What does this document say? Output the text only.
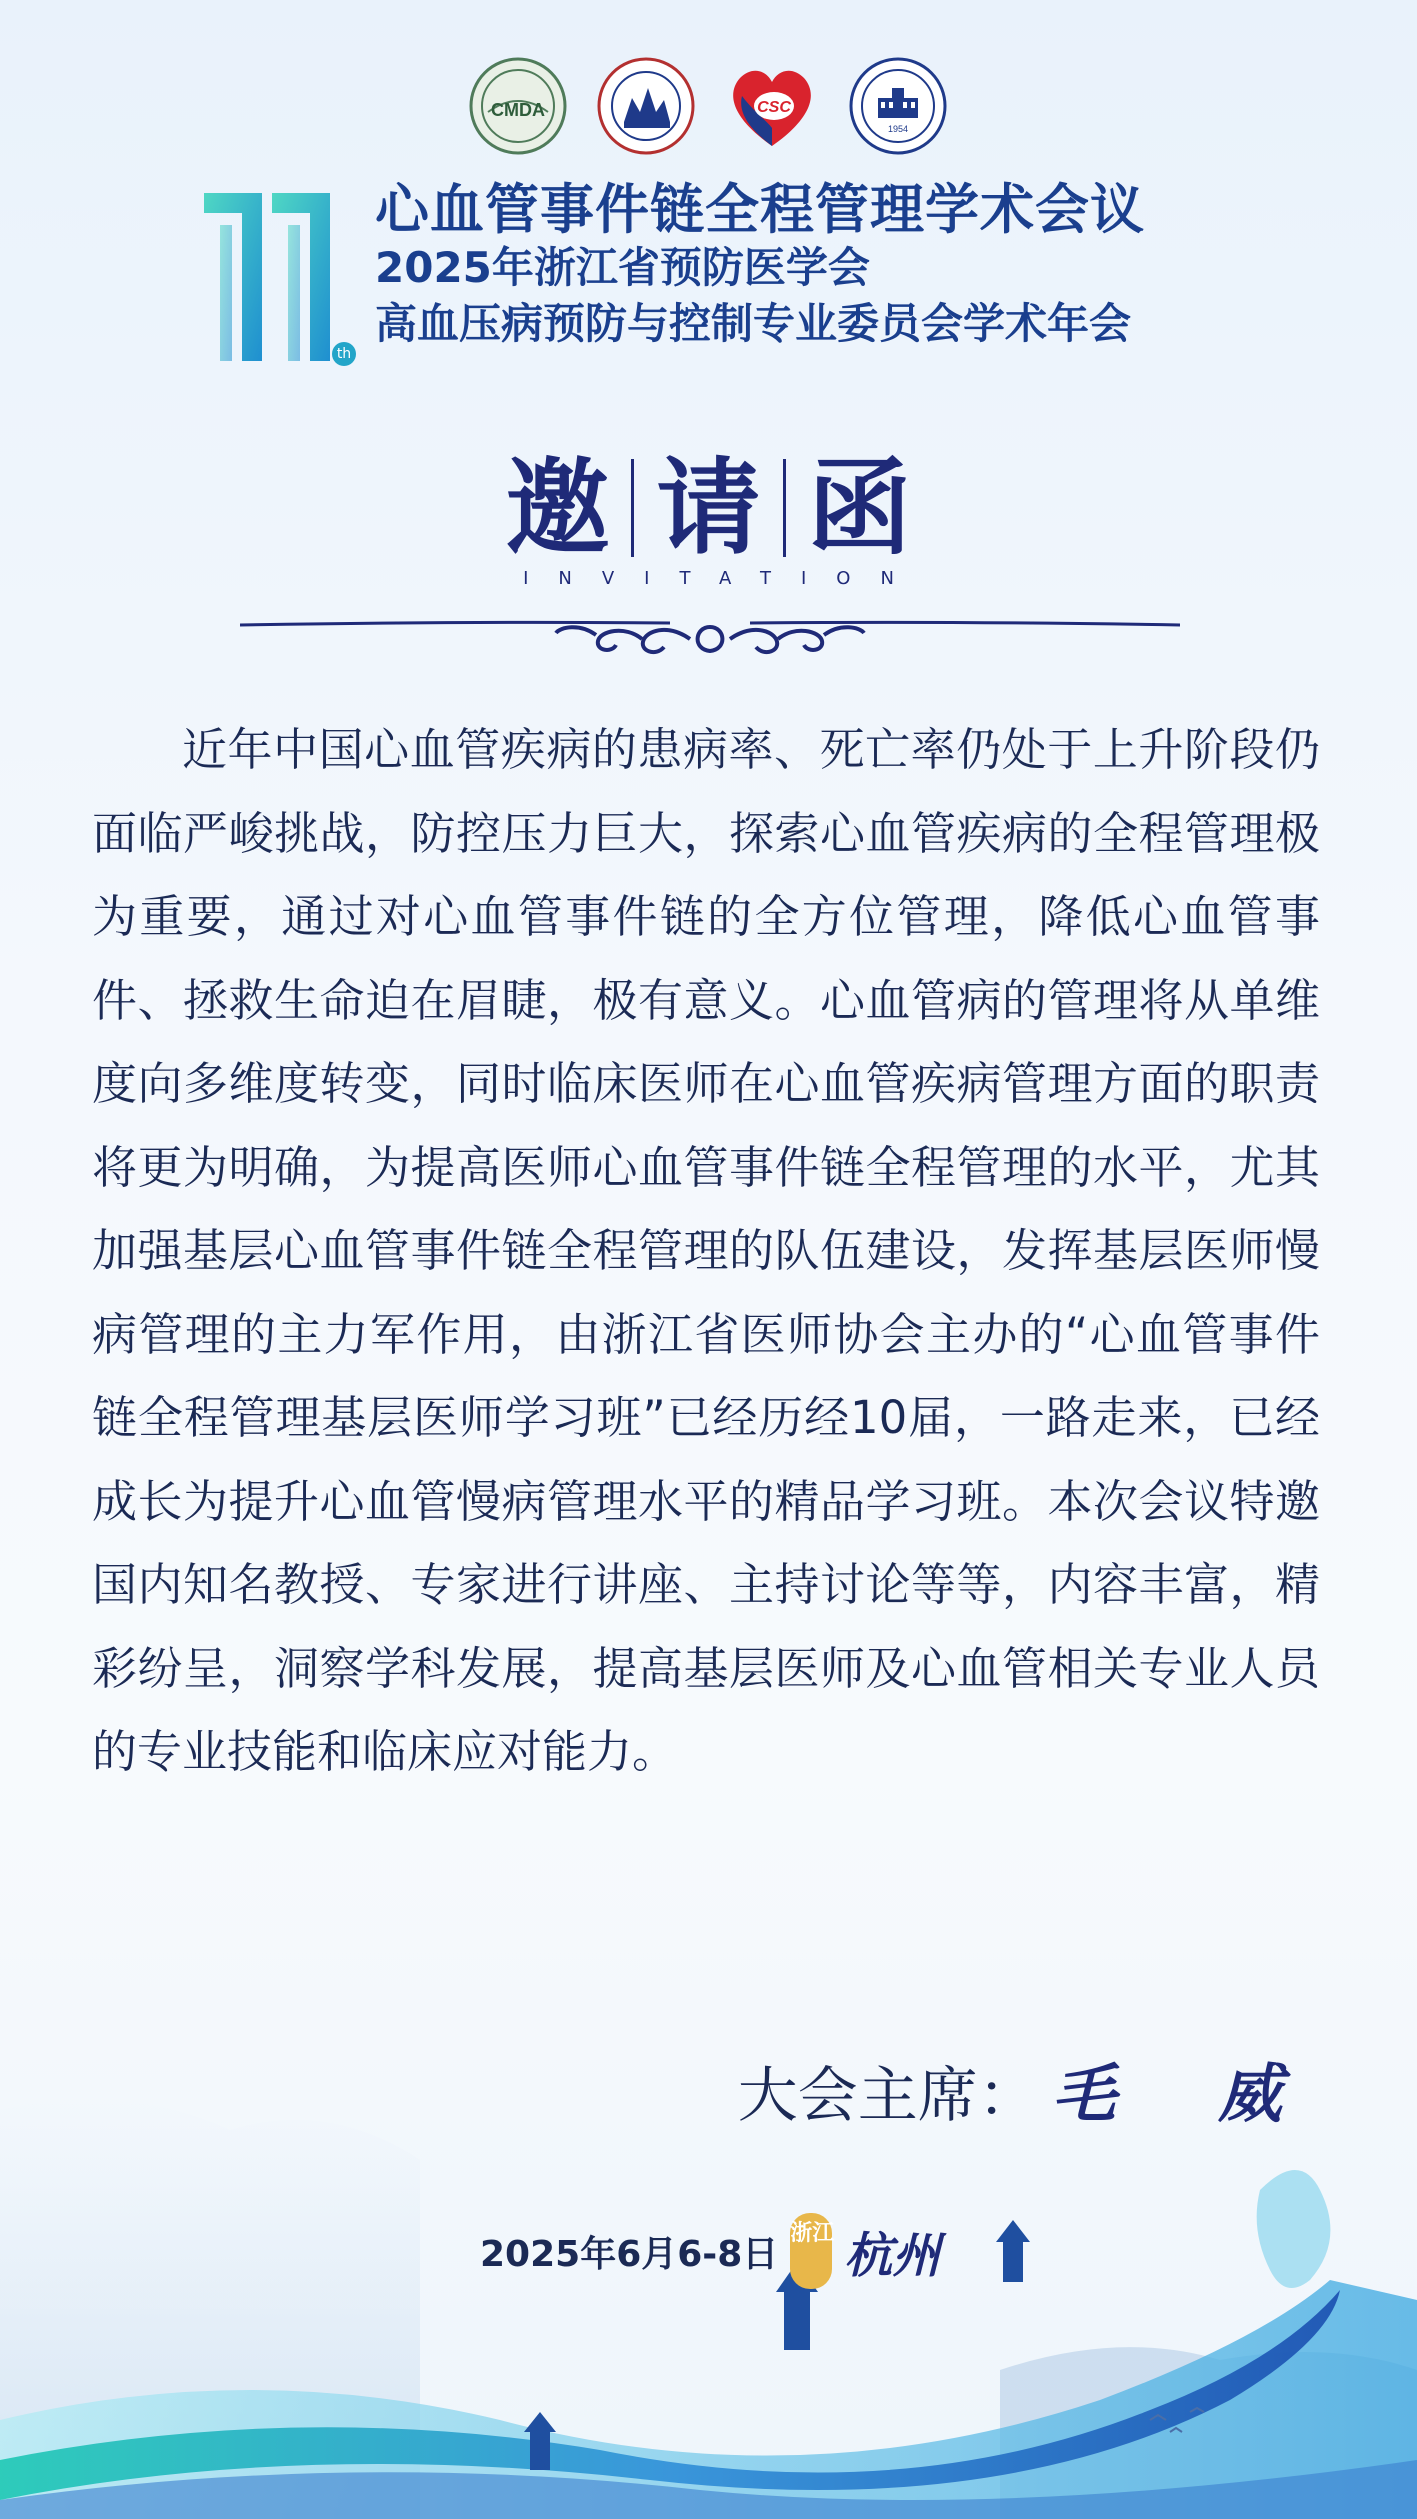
CMDA	CSC
1954
11
th
心血管事件链全程管理学术会议
2025年浙江省预防医学会
高血压病预防与控制专业委员会学术年会
邀 请 函
INVITATION

近年中国心血管疾病的患病率、死亡率仍处于上升阶段仍面临严峻挑战，防控压力巨大，探索心血管疾病的全程管理极为重要，通过对心血管事件链的全方位管理，降低心血管事件、拯救生命迫在眉睫，极有意义。心血管病的管理将从单维度向多维度转变，同时临床医师在心血管疾病管理方面的职责将更为明确，为提高医师心血管事件链全程管理的水平，尤其加强基层心血管事件链全程管理的队伍建设，发挥基层医师慢病管理的主力军作用，由浙江省医师协会主办的“心血管事件链全程管理基层医师学习班”已经历经10届，一路走来，已经成长为提升心血管慢病管理水平的精品学习班。本次会议特邀国内知名教授、专家进行讲座、主持讨论等等，内容丰富，精彩纷呈，洞察学科发展，提高基层医师及心血管相关专业人员的专业技能和临床应对能力。

大会主席： 毛 威
2025年6月6-8日 浙江 杭州
